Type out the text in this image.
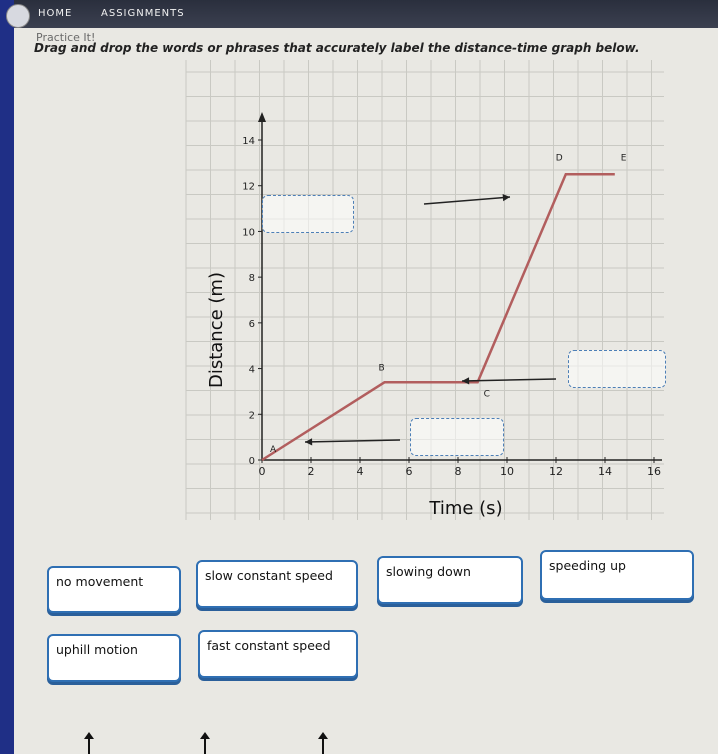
HOME	ASSIGNMENTS
Practice It!
Drag and drop the words or phrases that accurately label the distance-time graph below.
0	2	4	6	8	10	12	14	16
0
2
4
6
8
10
12
14
Time (s)
Distance (m)
A
B
C
D	E
no movement	slow constant speed	slowing down	speeding up
uphill motion	fast constant speed
